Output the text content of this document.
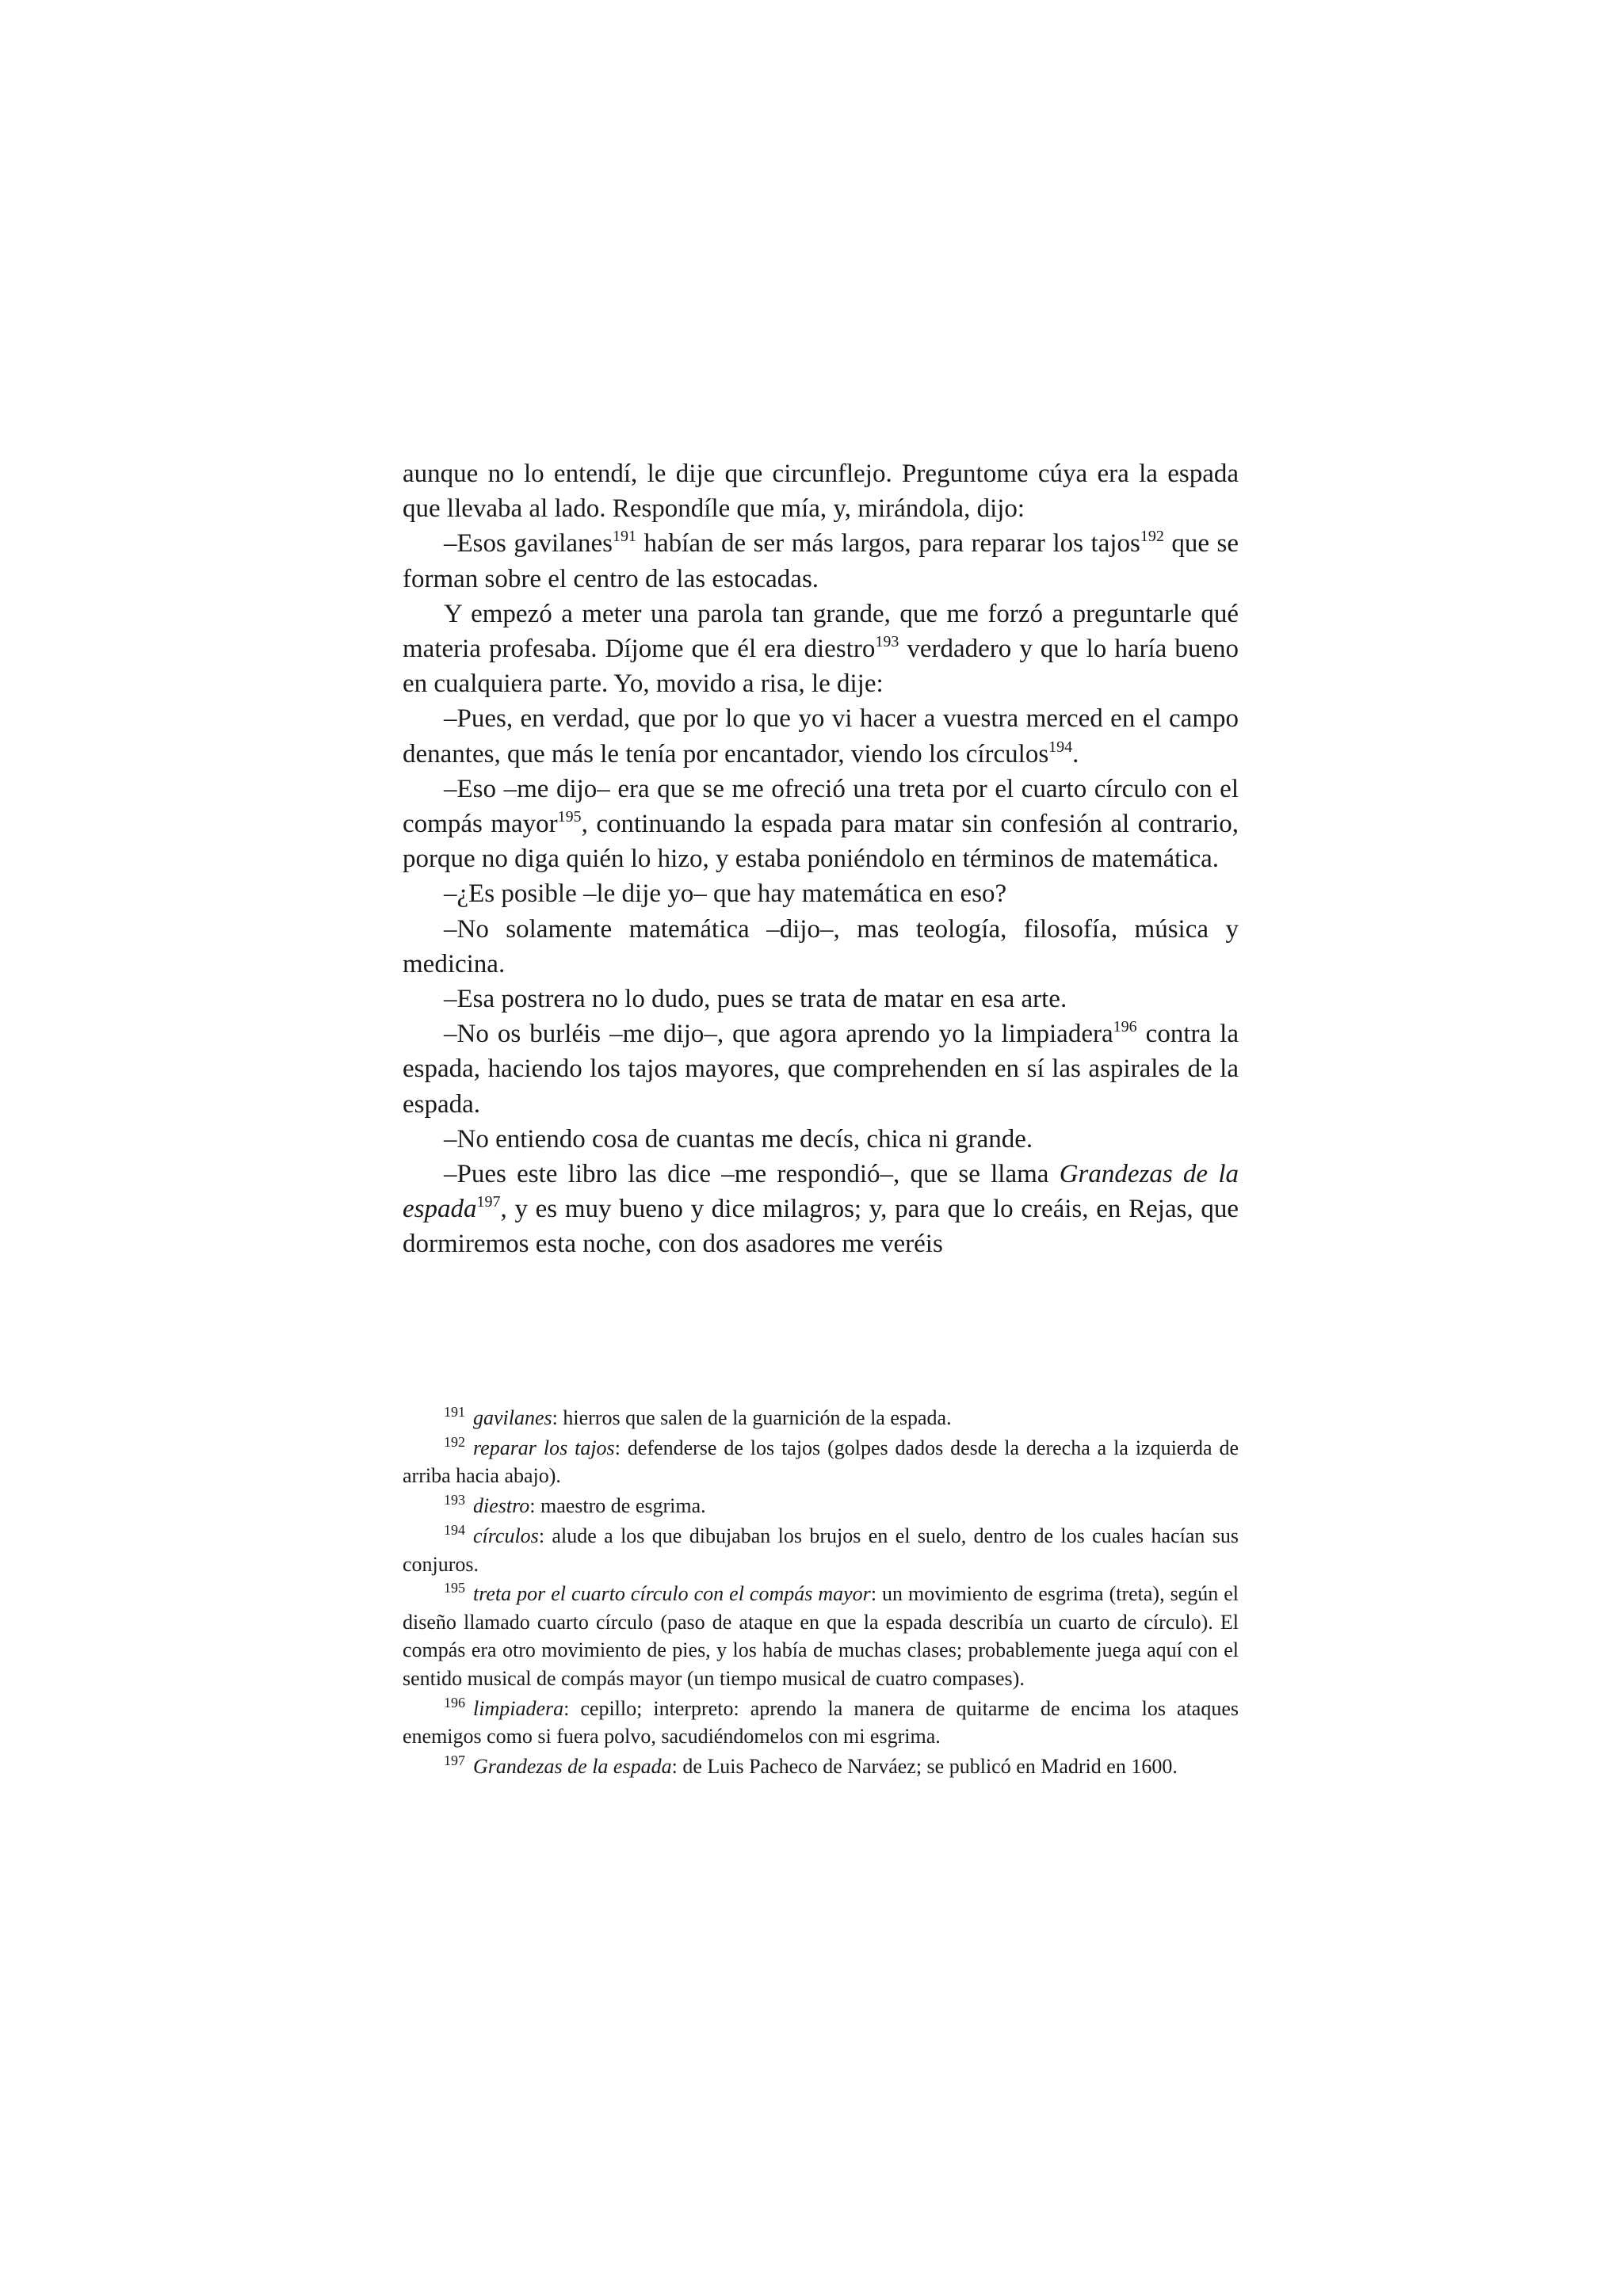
aunque no lo entendí, le dije que circunflejo. Preguntome cúya era la espada que llevaba al lado. Respondíle que mía, y, mirándola, dijo:

–Esos gavilanes$^{191}$ habían de ser más largos, para reparar los tajos$^{192}$ que se forman sobre el centro de las estocadas.

Y empezó a meter una parola tan grande, que me forzó a preguntarle qué materia profesaba. Díjome que él era diestro$^{193}$ verdadero y que lo haría bueno en cualquiera parte. Yo, movido a risa, le dije:

–Pues, en verdad, que por lo que yo vi hacer a vuestra merced en el campo denantes, que más le tenía por encantador, viendo los círculos$^{194}$.

–Eso –me dijo– era que se me ofreció una treta por el cuarto círculo con el compás mayor$^{195}$, continuando la espada para matar sin confesión al contrario, porque no diga quién lo hizo, y estaba poniéndolo en términos de matemática.

–¿Es posible –le dije yo– que hay matemática en eso?

–No solamente matemática –dijo–, mas teología, filosofía, música y medicina.

–Esa postrera no lo dudo, pues se trata de matar en esa arte.

–No os burléis –me dijo–, que agora aprendo yo la limpiadera$^{196}$ contra la espada, haciendo los tajos mayores, que comprehenden en sí las aspirales de la espada.

–No entiendo cosa de cuantas me decís, chica ni grande.

–Pues este libro las dice –me respondió–, que se llama Grandezas de la espada$^{197}$, y es muy bueno y dice milagros; y, para que lo creáis, en Rejas, que dormiremos esta noche, con dos asadores me veréis

$^{191}$ gavilanes: hierros que salen de la guarnición de la espada.

$^{192}$ reparar los tajos: defenderse de los tajos (golpes dados desde la derecha a la izquierda de arriba hacia abajo).

$^{193}$ diestro: maestro de esgrima.

$^{194}$ círculos: alude a los que dibujaban los brujos en el suelo, dentro de los cuales hacían sus conjuros.

$^{195}$ treta por el cuarto círculo con el compás mayor: un movimiento de esgrima (treta), según el diseño llamado cuarto círculo (paso de ataque en que la espada describía un cuarto de círculo). El compás era otro movimiento de pies, y los había de muchas clases; probablemente juega aquí con el sentido musical de compás mayor (un tiempo musical de cuatro compases).

$^{196}$ limpiadera: cepillo; interpreto: aprendo la manera de quitarme de encima los ataques enemigos como si fuera polvo, sacudiéndomelos con mi esgrima.

$^{197}$ Grandezas de la espada: de Luis Pacheco de Narváez; se publicó en Madrid en 1600.
